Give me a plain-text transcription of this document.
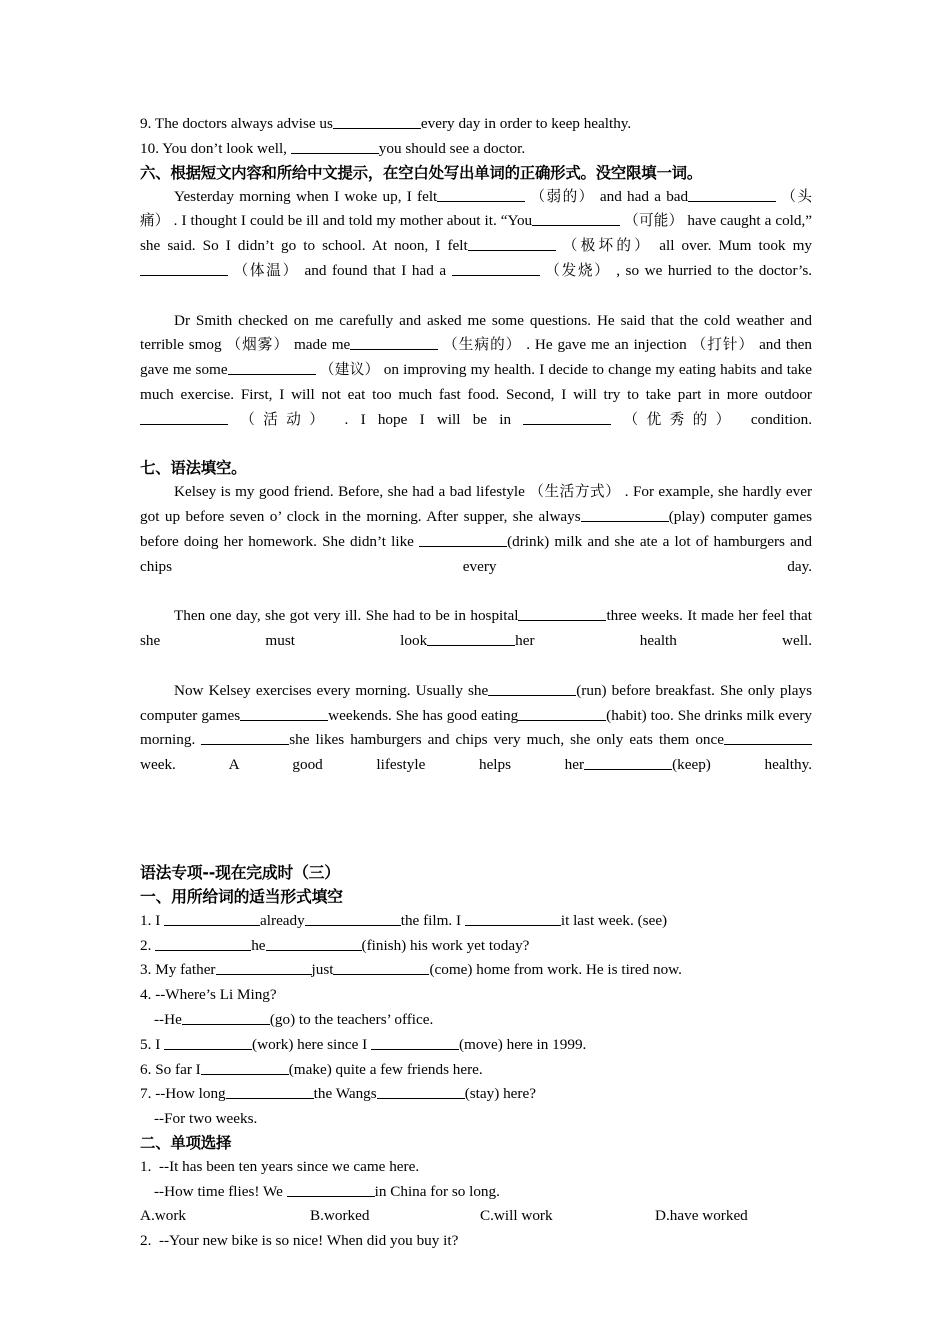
9. The doctors always advise us	every day in order to keep healthy.
10. You don’t look well,	you should see a doctor.
六、根据短文内容和所给中文提示，在空白处写出单词的正确形式。没空限填一词。

Yesterday morning when I woke up, I felt	（弱的） and had a bad	（头痛） . I thought I could be ill and told my mother about it. “You	（可能） have caught a cold,” she said. So I didn’t go to school. At noon, I felt	（极坏的） all over. Mum took my （体温） and found that I had a	（发烧） , so we hurried to the doctor’s.

Dr Smith checked on me carefully and asked me some questions. He said that the cold weather and terrible smog （烟雾） made me	（生病的） . He gave me an injection （打针） and then gave me some	（建议） on improving my health. I decide to change my eating habits and take much exercise. First, I will not eat too much fast food. Second, I will try to take part in more outdoor （活动） . I hope I will be in	（优秀的） condition.

七、语法填空。

Kelsey is my good friend. Before, she had a bad lifestyle （生活方式） . For example, she hardly ever got up before seven o’ clock in the morning. After supper, she always	(play) computer games before doing her homework. She didn’t like	(drink) milk and she ate a lot of hamburgers and chips every day.

Then one day, she got very ill. She had to be in hospital	three weeks. It made her feel that she must look	her health well.

Now Kelsey exercises every morning. Usually she	(run) before breakfast. She only plays computer games	weekends. She has good eating	(habit) too. She drinks milk every morning.	she likes hamburgers and chips very much, she only eats them onceweek. A good lifestyle helps her	(keep) healthy.

语法专项--现在完成时（三）
一、用所给词的适当形式填空
1. I	already	the film. I	it last week. (see)
2.	he	(finish) his work yet today?
3. My father	just	(come) home from work. He is tired now.
4. --Where’s Li Ming?
--He	(go) to the teachers’ office.
5. I	(work) here since I	(move) here in 1999.
6. So far I	(make) quite a few friends here.
7. --How long	the Wangs	(stay) here?
--For two weeks.
二、单项选择
1. --It has been ten years since we came here.
--How time flies! We	in China for so long.
A.work	B.worked	C.will work	D.have worked
2. --Your new bike is so nice! When did you buy it?
